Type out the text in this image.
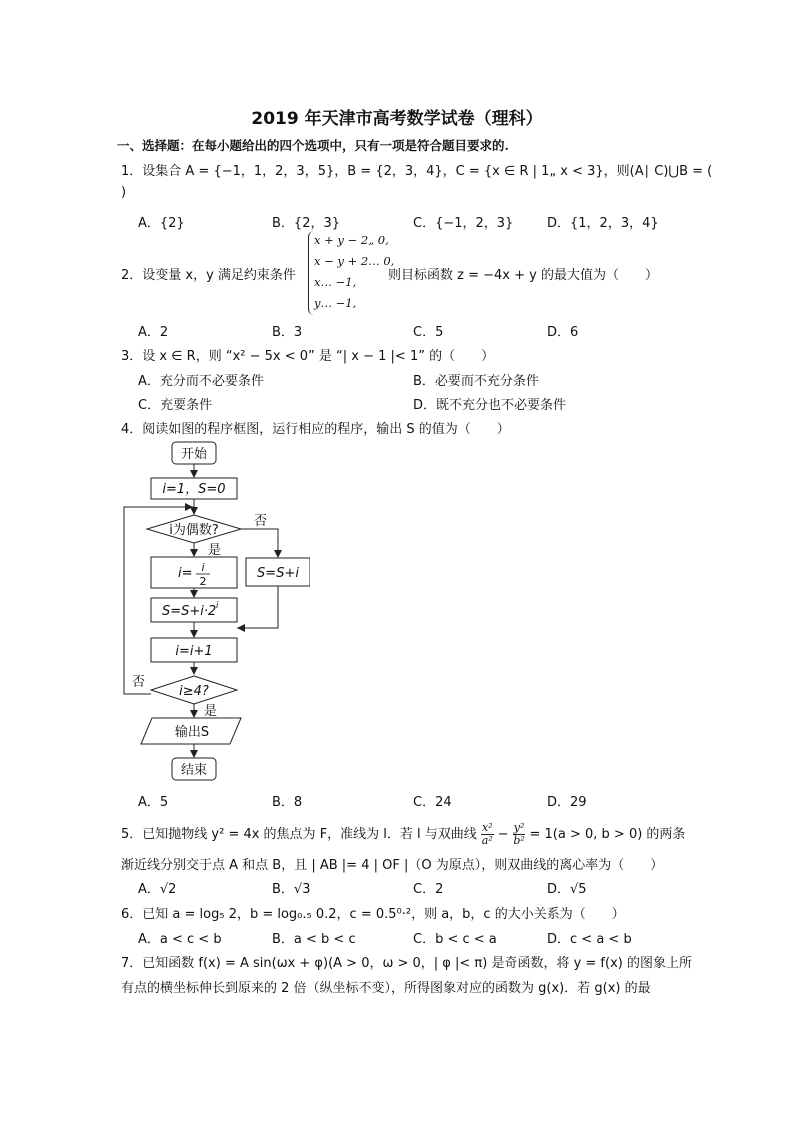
2019 年天津市高考数学试卷（理科）
一、选择题：在每小题给出的四个选项中，只有一项是符合题目要求的.
1．设集合 A = {−1，1，2，3，5}，B = {2，3，4}，C = {x ∈ R | 1„ x < 3}，则(A∣ C)⋃B = (
)
A．{2}	B．{2，3}	C．{−1，2，3}	D．{1，2，3，4}
2．设变量 x，y 满足约束条件
x + y − 2„ 0,
x − y + 2… 0,
x… −1,
y… −1,
则目标函数 z = −4x + y 的最大值为（　　）
A．2	B．3	C．5	D．6
3．设 x ∈ R，则 “x² − 5x < 0” 是 “| x − 1 |< 1” 的（　　）
A．充分而不必要条件	B．必要而不充分条件
C．充要条件	D．既不充分也不必要条件
4．阅读如图的程序框图，运行相应的程序，输出 S 的值为（　　）
开始
i=1，S=0
i为偶数?
否
是
S=S+i
i= i
2
S=S+i·2 i
i=i+1
i≥4?
否
是
输出S
结束
A．5	B．8	C．24	D．29
5．已知抛物线 y² = 4x 的焦点为 F，准线为 l．若 l 与双曲线 $\frac{\text{x²}}{\text{a²}} - \frac{\text{y²}}{\text{b²}} = 1(a > 0$, b > 0) 的两条
渐近线分别交于点 A 和点 B，且 | AB |= 4 | OF |（O 为原点），则双曲线的离心率为（　　）
A．√2	B．√3	C．2	D．√5
6．已知 a = log₅ 2，b = log₀.₅ 0.2，c = 0.5⁰·²，则 a，b，c 的大小关系为（　　）
A．a < c < b	B．a < b < c	C．b < c < a	D．c < a < b
7．已知函数 f(x) = A sin(ωx + φ)(A > 0，ω > 0，| φ |< π) 是奇函数，将 y = f(x) 的图象上所
有点的横坐标伸长到原来的 2 倍（纵坐标不变），所得图象对应的函数为 g(x)．若 g(x) 的最
